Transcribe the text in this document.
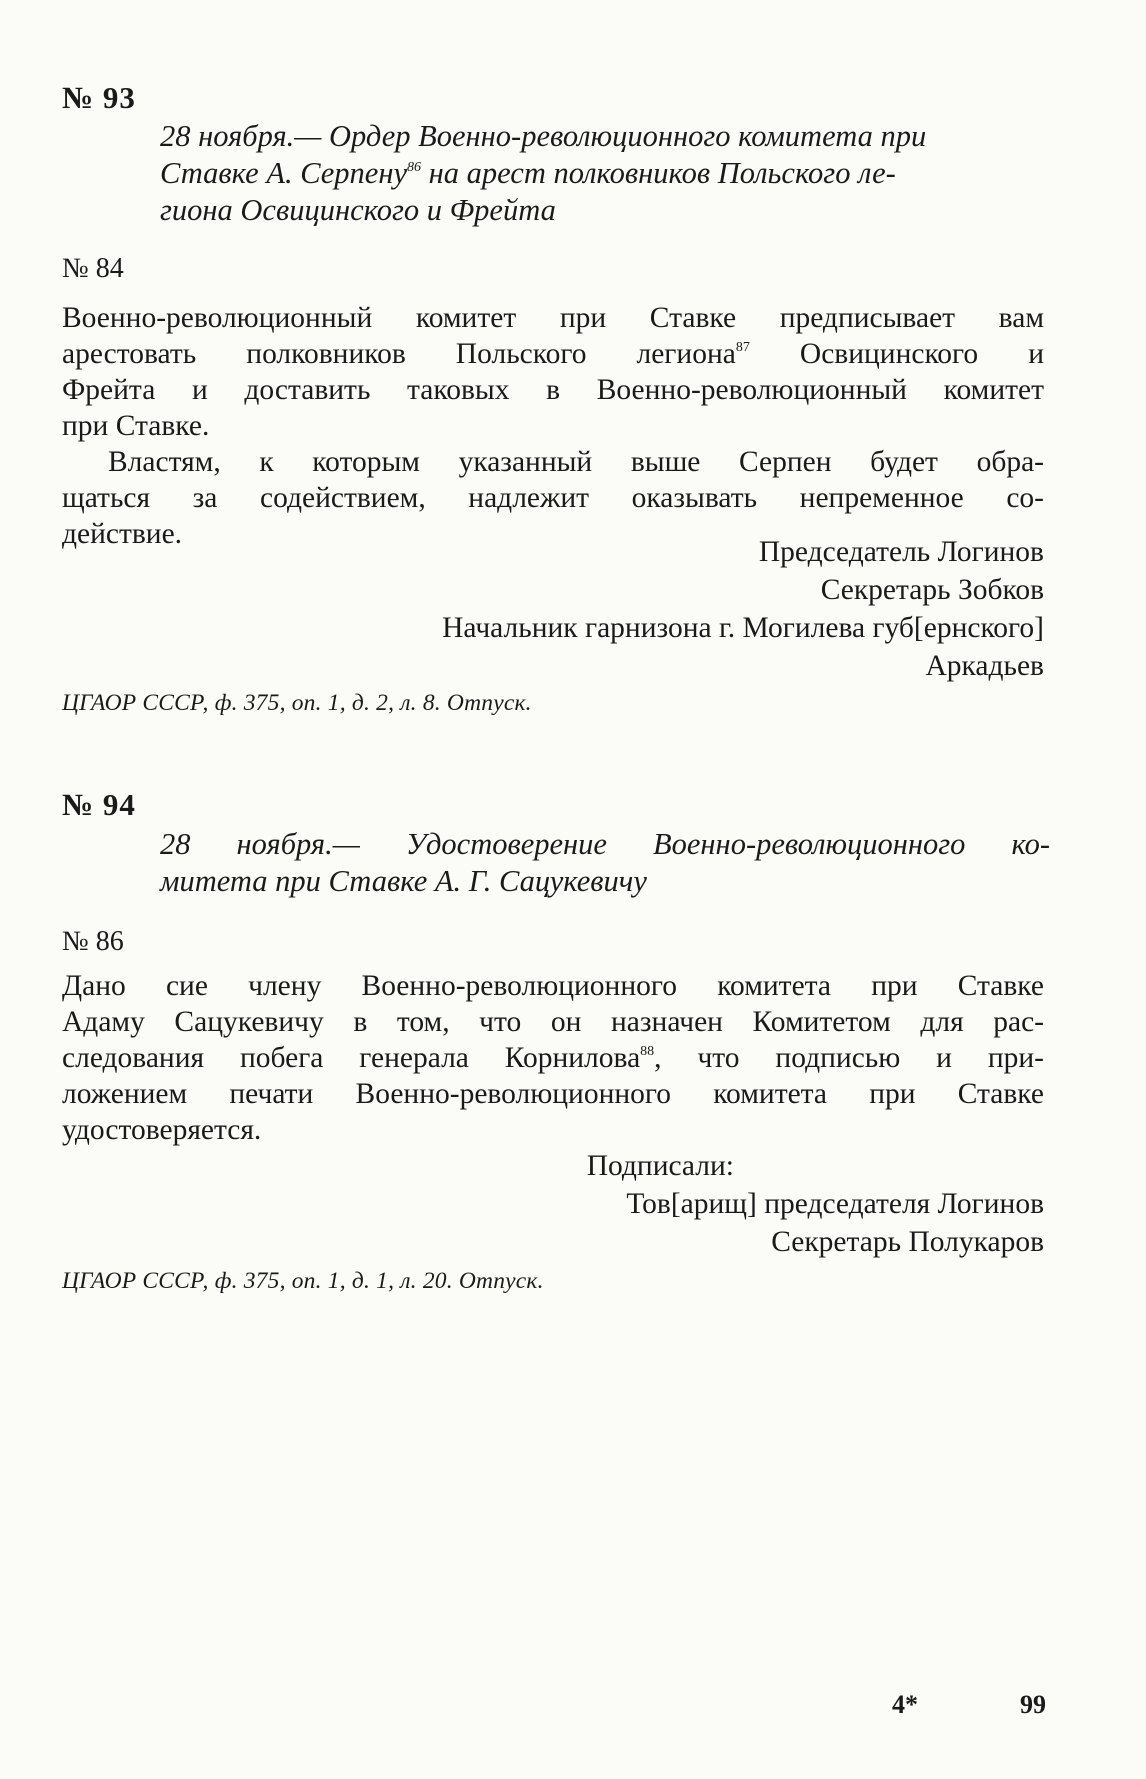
№ 93

28 ноября.— Ордер Военно-революционного комитета при

Ставке А. Серпену$^{86}$ на арест полковников Польского ле-

гиона Освицинского и Фрейта

№ 84

Военно-революционный комитет при Ставке предписывает вам

арестовать полковников Польского легиона$^{87}$ Освицинского и

Фрейта и доставить таковых в Военно-революционный комитет

при Ставке.

Властям, к которым указанный выше Серпен будет обра-

щаться за содействием, надлежит оказывать непременное со-

действие.

Председатель Логинов
Секретарь Зобков
Начальник гарнизона г. Могилева губ[ернского]
Аркадьев
ЦГАОР СССР, ф. 375, оп. 1, д. 2, л. 8. Отпуск.
№ 94

28 ноября.— Удостоверение Военно-революционного ко-

митета при Ставке А. Г. Сацукевичу

№ 86

Дано сие члену Военно-революционного комитета при Ставке

Адаму Сацукевичу в том, что он назначен Комитетом для рас-

следования побега генерала Корнилова$^{88}$, что подписью и при-

ложением печати Военно-революционного комитета при Ставке

удостоверяется.

Подписали:
Тов[арищ] председателя Логинов
Секретарь Полукаров
ЦГАОР СССР, ф. 375, оп. 1, д. 1, л. 20. Отпуск.
4*	99
